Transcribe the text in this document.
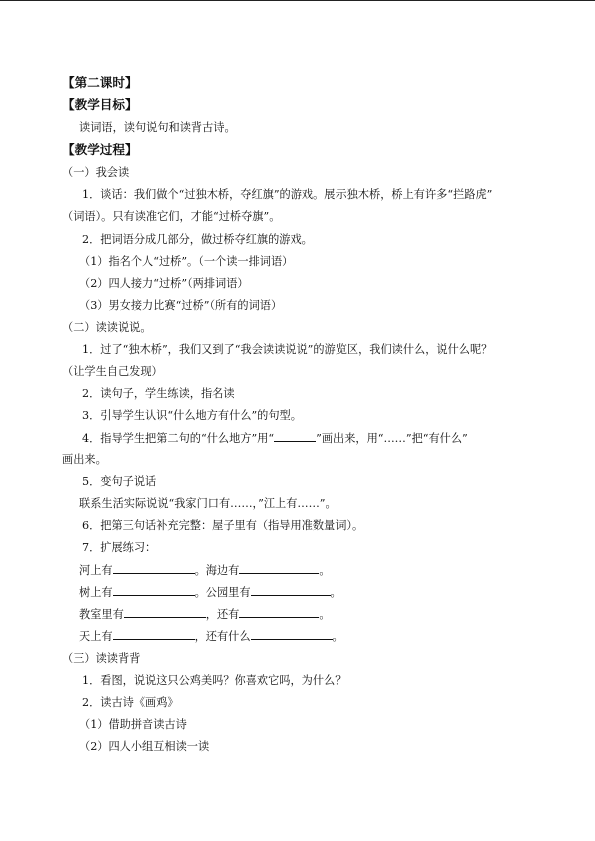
【第二课时】
【教学目标】
读词语，读句说句和读背古诗。
【教学过程】
（一）我会读
1．谈话：我们做个“过独木桥，夺红旗”的游戏。展示独木桥，桥上有许多“拦路虎”
（词语）。只有读准它们，才能“过桥夺旗”。
2．把词语分成几部分，做过桥夺红旗的游戏。
（1）指名个人“过桥”。（一个读一排词语）
（2）四人接力“过桥”（两排词语）
（3）男女接力比赛“过桥”（所有的词语）
（二）读读说说。
1．过了“独木桥”，我们又到了“我会读读说说”的游览区，我们读什么，说什么呢？
（让学生自己发现）
2．读句子，学生练读，指名读
3．引导学生认识“什么地方有什么”的句型。
4．指导学生把第二句的“什么地方”用“	”画出来，用“……”把“有什么”
画出来。
5．变句子说话
联系生活实际说说“我家门口有……，”江上有……”。
6．把第三句话补充完整：屋子里有（指导用准数量词）。
7．扩展练习：
河上有	。海边有	。
树上有	。公园里有	。
教室里有	，还有	。
天上有	，还有什么	。
（三）读读背背
1．看图，说说这只公鸡美吗？你喜欢它吗，为什么？
2．读古诗《画鸡》
（1）借助拼音读古诗
（2）四人小组互相读一读
